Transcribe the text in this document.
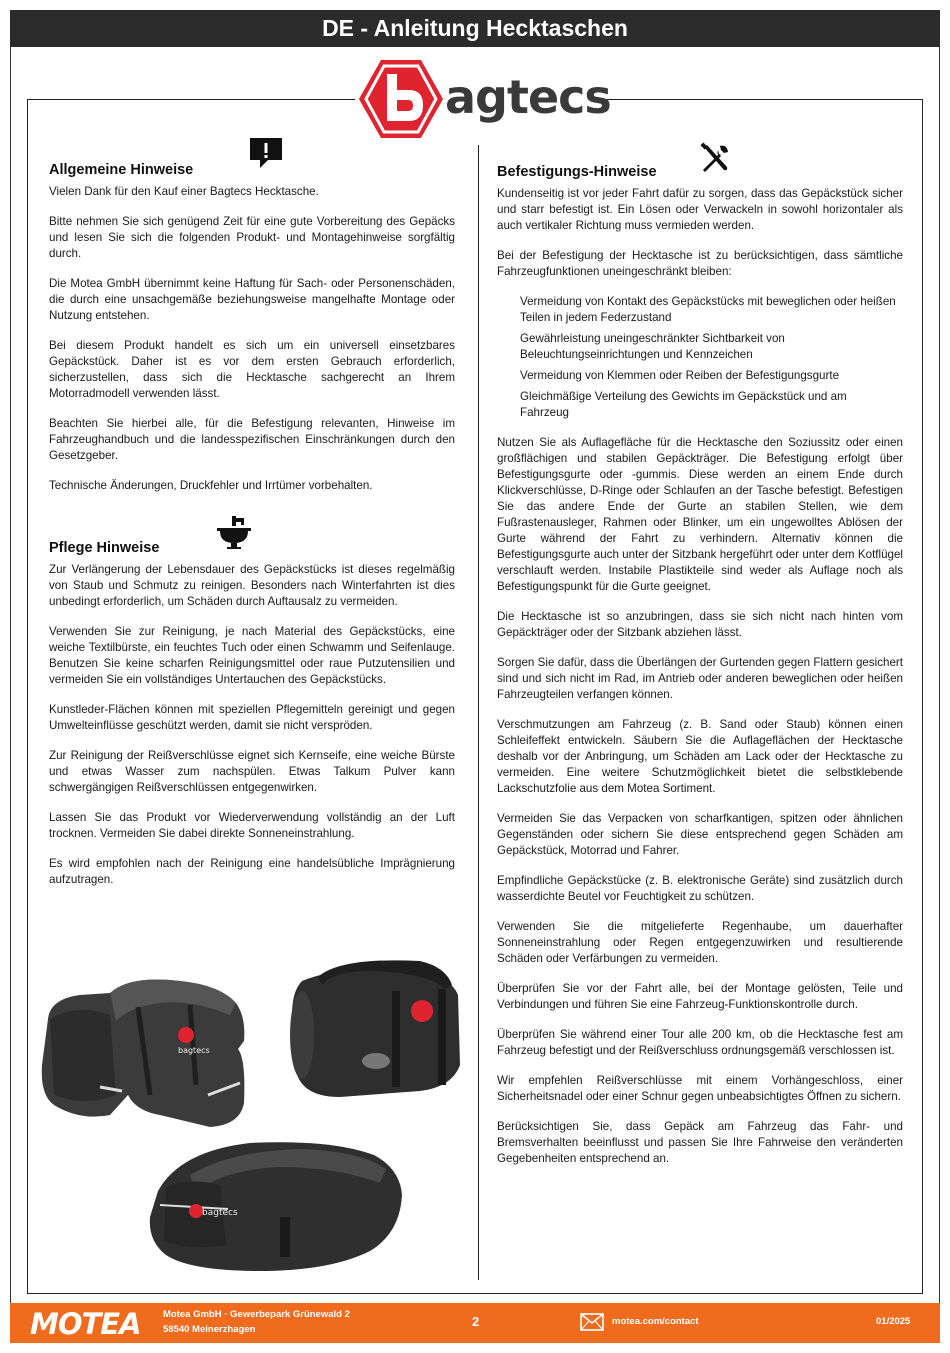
DE - Anleitung Hecktaschen
agtecs
Allgemeine Hinweise

Vielen Dank für den Kauf einer Bagtecs Hecktasche.

Bitte nehmen Sie sich genügend Zeit für eine gute Vorbereitung des Gepäcks und lesen Sie sich die folgenden Produkt- und Montagehinweise sorgfältig durch.

Die Motea GmbH übernimmt keine Haftung für Sach- oder Personenschäden, die durch eine unsachgemäße beziehungsweise mangelhafte Montage oder Nutzung entstehen.

Bei diesem Produkt handelt es sich um ein universell einsetzbares Gepäckstück. Daher ist es vor dem ersten Gebrauch erforderlich, sicherzustellen, dass sich die Hecktasche sachgerecht an Ihrem Motorradmodell verwenden lässt.

Beachten Sie hierbei alle, für die Befestigung relevanten, Hinweise im Fahrzeughandbuch und die landesspezifischen Einschränkungen durch den Gesetzgeber.

Technische Änderungen, Druckfehler und Irrtümer vorbehalten.

Pflege Hinweise

Zur Verlängerung der Lebensdauer des Gepäckstücks ist dieses regelmäßig von Staub und Schmutz zu reinigen. Besonders nach Winterfahrten ist dies unbedingt erforderlich, um Schäden durch Auftausalz zu vermeiden.

Verwenden Sie zur Reinigung, je nach Material des Gepäckstücks, eine weiche Textilbürste, ein feuchtes Tuch oder einen Schwamm und Seifenlauge. Benutzen Sie keine scharfen Reinigungsmittel oder raue Putzutensilien und vermeiden Sie ein vollständiges Untertauchen des Gepäckstücks.

Kunstleder-Flächen können mit speziellen Pflegemitteln gereinigt und gegen Umwelteinflüsse geschützt werden, damit sie nicht verspröden.

Zur Reinigung der Reißverschlüsse eignet sich Kernseife, eine weiche Bürste und etwas Wasser zum nachspülen. Etwas Talkum Pulver kann schwergängigen Reißverschlüssen entgegenwirken.

Lassen Sie das Produkt vor Wiederverwendung vollständig an der Luft trocknen. Vermeiden Sie dabei direkte Sonneneinstrahlung.

Es wird empfohlen nach der Reinigung eine handelsübliche Imprägnierung aufzutragen.

bagtecs
bagtecs
Befestigungs-Hinweise

Kundenseitig ist vor jeder Fahrt dafür zu sorgen, dass das Gepäckstück sicher und starr befestigt ist. Ein Lösen oder Verwackeln in sowohl horizontaler als auch vertikaler Richtung muss vermieden werden.

Bei der Befestigung der Hecktasche ist zu berücksichtigen, dass sämtliche Fahrzeugfunktionen uneingeschränkt bleiben:

Vermeidung von Kontakt des Gepäckstücks mit beweglichen oder heißen Teilen in jedem Federzustand
Gewährleistung uneingeschränkter Sichtbarkeit von Beleuchtungseinrichtungen und Kennzeichen
Vermeidung von Klemmen oder Reiben der Befestigungsgurte
Gleichmäßige Verteilung des Gewichts im Gepäckstück und am Fahrzeug

Nutzen Sie als Auflagefläche für die Hecktasche den Soziussitz oder einen großflächigen und stabilen Gepäckträger. Die Befestigung erfolgt über Befestigungsgurte oder -gummis. Diese werden an einem Ende durch Klickverschlüsse, D-Ringe oder Schlaufen an der Tasche befestigt. Befestigen Sie das andere Ende der Gurte an stabilen Stellen, wie dem Fußrastenausleger, Rahmen oder Blinker, um ein ungewolltes Ablösen der Gurte während der Fahrt zu verhindern. Alternativ können die Befestigungsgurte auch unter der Sitzbank hergeführt oder unter dem Kotflügel verschlauft werden. Instabile Plastikteile sind weder als Auflage noch als Befestigungspunkt für die Gurte geeignet.

Die Hecktasche ist so anzubringen, dass sie sich nicht nach hinten vom Gepäckträger oder der Sitzbank abziehen lässt.

Sorgen Sie dafür, dass die Überlängen der Gurtenden gegen Flattern gesichert sind und sich nicht im Rad, im Antrieb oder anderen beweglichen oder heißen Fahrzeugteilen verfangen können.

Verschmutzungen am Fahrzeug (z. B. Sand oder Staub) können einen Schleifeffekt entwickeln. Säubern Sie die Auflageflächen der Hecktasche deshalb vor der Anbringung, um Schäden am Lack oder der Hecktasche zu vermeiden. Eine weitere Schutzmöglichkeit bietet die selbstklebende Lackschutzfolie aus dem Motea Sortiment.

Vermeiden Sie das Verpacken von scharfkantigen, spitzen oder ähnlichen Gegenständen oder sichern Sie diese entsprechend gegen Schäden am Gepäckstück, Motorrad und Fahrer.

Empfindliche Gepäckstücke (z. B. elektronische Geräte) sind zusätzlich durch wasserdichte Beutel vor Feuchtigkeit zu schützen.

Verwenden Sie die mitgelieferte Regenhaube, um dauerhafter Sonneneinstrahlung oder Regen entgegenzuwirken und resultierende Schäden oder Verfärbungen zu vermeiden.

Überprüfen Sie vor der Fahrt alle, bei der Montage gelösten, Teile und Verbindungen und führen Sie eine Fahrzeug-Funktionskontrolle durch.

Überprüfen Sie während einer Tour alle 200 km, ob die Hecktasche fest am Fahrzeug befestigt und der Reißverschluss ordnungsgemäß verschlossen ist.

Wir empfehlen Reißverschlüsse mit einem Vorhängeschloss, einer Sicherheitsnadel oder einer Schnur gegen unbeabsichtigtes Öffnen zu sichern.

Berücksichtigen Sie, dass Gepäck am Fahrzeug das Fahr- und Bremsverhalten beeinflusst und passen Sie Ihre Fahrweise den veränderten Gegebenheiten entsprechend an.

MOTEA Motea GmbH · Gewerbepark Grünewald 2
58540 Meinerzhagen
2	motea.com/contact	01/2025
